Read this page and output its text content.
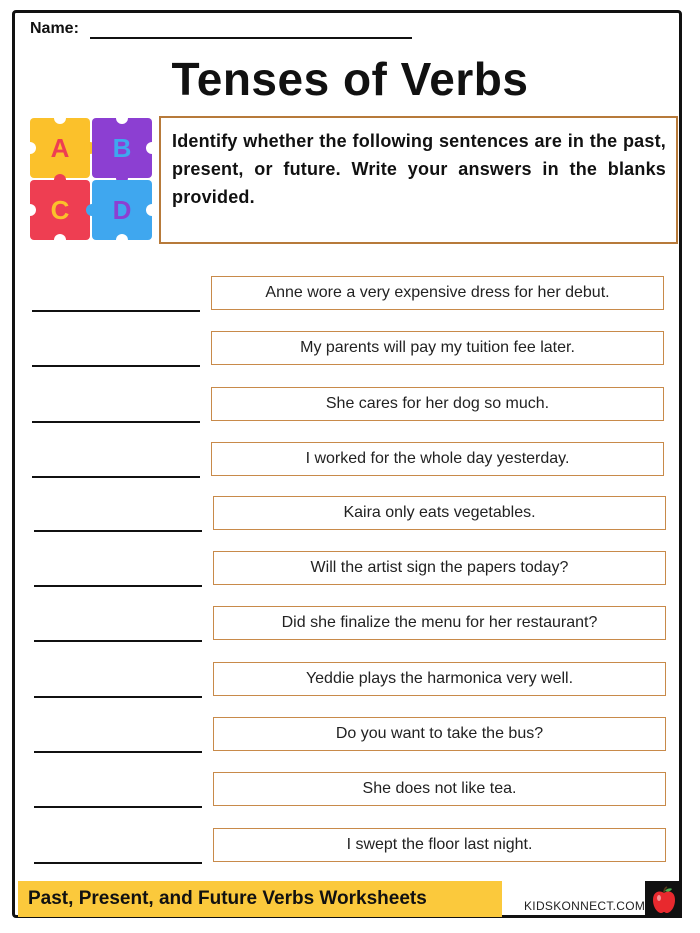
Name:
Tenses of Verbs
A B
C D
Identify whether the following sentences are in the past, present, or future. Write your answers in the blanks provided.
Anne wore a very expensive dress for her debut.
My parents will pay my tuition fee later.
She cares for her dog so much.
I worked for the whole day yesterday.
Kaira only eats vegetables.
Will the artist sign the papers today?
Did she finalize the menu for her restaurant?
Yeddie plays the harmonica very well.
Do you want to take the bus?
She does not like tea.
I swept the floor last night.
Past, Present, and Future Verbs Worksheets	KIDSKONNECT.COM
